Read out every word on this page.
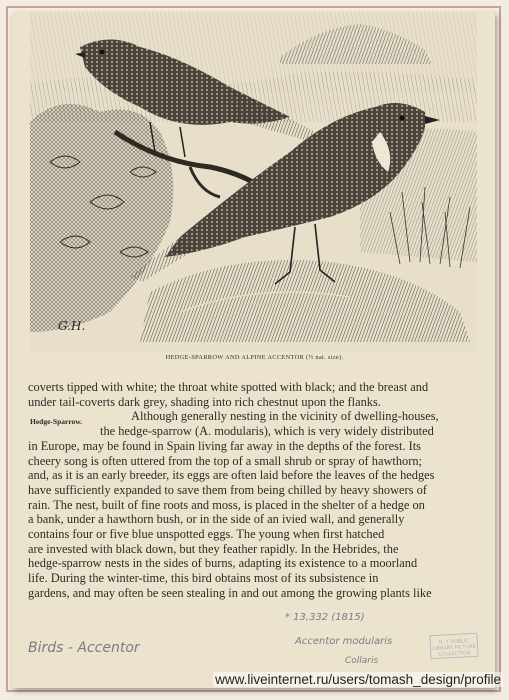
G.H.
HEDGE-SPARROW AND ALPINE ACCENTOR (½ nat. size).
Hedge-Sparrow.
coverts tipped with white; the throat white spotted with black; and the breast and
under tail-coverts dark grey, shading into rich chestnut upon the flanks.
Although generally nesting in the vicinity of dwelling-houses,
the hedge-sparrow (A. modularis), which is very widely distributed
in Europe, may be found in Spain living far away in the depths of the forest. Its
cheery song is often uttered from the top of a small shrub or spray of hawthorn;
and, as it is an early breeder, its eggs are often laid before the leaves of the hedges
have sufficiently expanded to save them from being chilled by heavy showers of
rain. The nest, built of fine roots and moss, is placed in the shelter of a hedge on
a bank, under a hawthorn bush, or in the side of an ivied wall, and generally
contains four or five blue unspotted eggs. The young when first hatched
are invested with black down, but they feather rapidly. In the Hebrides, the
hedge-sparrow nests in the sides of burns, adapting its existence to a moorland
life. During the winter-time, this bird obtains most of its subsistence in
gardens, and may often be seen stealing in and out among the growing plants like
Birds - Accentor
* 13,332 (1815)
Accentor modularis
Collaris
N. Y. PUBLIC LIBRARY PICTURE COLLECTION
www.liveinternet.ru/users/tomash_design/profile
